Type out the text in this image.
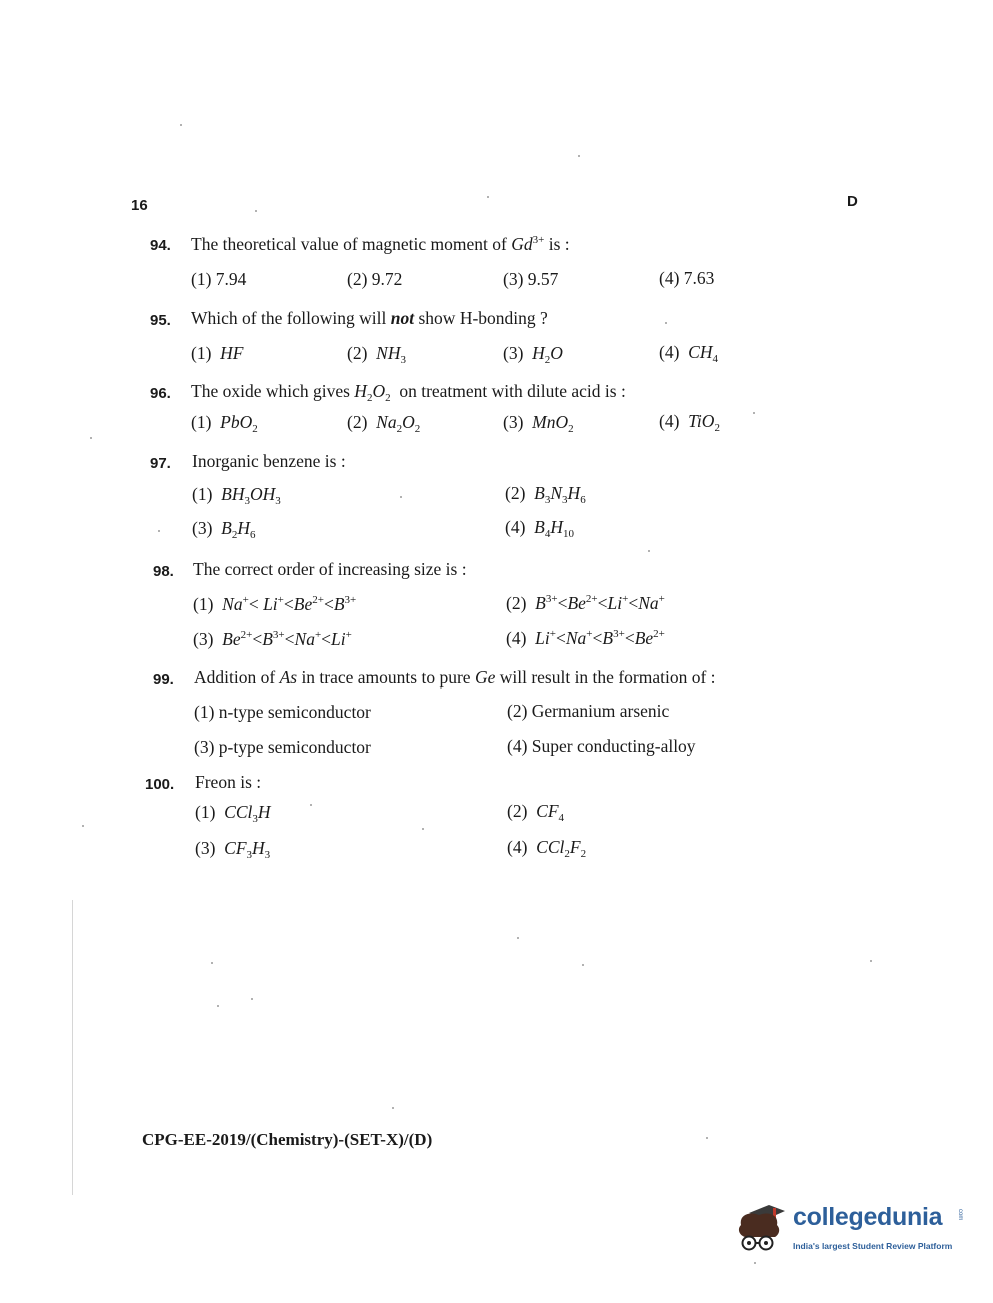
16	D
94. The theoretical value of magnetic moment of $Gd^{3+}$ is :
(1) 7.94	(2) 9.72	(3) 9.57	(4) 7.63
95. Which of the following will not show H-bonding ?
(1)  HF	(2)  $NH_3$	(3)  $H_2O$	(4)  $CH_4$
96. The oxide which gives $H_2O_2$  on treatment with dilute acid is :
(1)  PbO$_2$	(2)  $Na_2O_2$	(3)  MnO$_2$	(4)  TiO$_2$
97. Inorganic benzene is :
(1)  $BH_3OH_3$	(2)  $B_3N_3H_6$
(3)  $B_2H_6$	(4)  $B_4H_{10}$
98. The correct order of increasing size is :
(1)  $Na^+< Li^+<Be^{2+}<B^{3+}$	(2)  $B^{3+}<Be^{2+}<Li^+<Na^+$
(3)  $Be^{2+}<B^{3+}<Na^+<Li^+$	(4)  $Li^+<Na^+<B^{3+}<Be^{2+}$
99. Addition of As in trace amounts to pure Ge will result in the formation of :
(1) n-type semiconductor	(2) Germanium arsenic
(3) p-type semiconductor	(4) Super conducting-alloy
100. Freon is :
(1)  CCl$_3$H	(2)  $CF_4$
(3)  $CF_3H_3$	(4)  $CCl_2F_2$
CPG-EE-2019/(Chemistry)-(SET-X)/(D)
collegedunia
India's largest Student Review Platform
com
